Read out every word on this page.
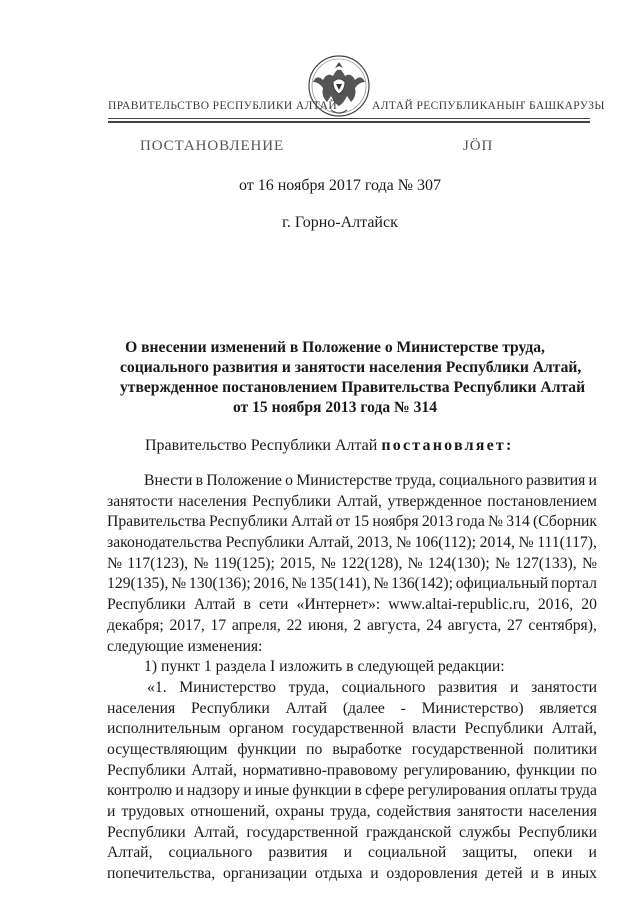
ПРАВИТЕЛЬСТВО РЕСПУБЛИКИ АЛТАЙ	АЛТАЙ РЕСПУБЛИКАНЫҤ БАШКАРУЗЫ
ПОСТАНОВЛЕНИЕ	ЈӦП
от 16 ноября 2017 года № 307
г. Горно-Алтайск
О внесении изменений в Положение о Министерстве труда,
социального развития и занятости населения Республики Алтай,
утвержденное постановлением Правительства Республики Алтай
от 15 ноября 2013 года № 314
Правительство Республики Алтай постановляет:
Внести в Положение о Министерстве труда, социального развития и
занятости населения Республики Алтай, утвержденное постановлением
Правительства Республики Алтай от 15 ноября 2013 года № 314 (Сборник
законодательства Республики Алтай, 2013, № 106(112); 2014, № 111(117),
№ 117(123), № 119(125); 2015, № 122(128), № 124(130); № 127(133), №
129(135), № 130(136); 2016, № 135(141), № 136(142); официальный портал
Республики Алтай в сети «Интернет»: www.altai-republic.ru, 2016, 20
декабря; 2017, 17 апреля, 22 июня, 2 августа, 24 августа, 27 сентября),
следующие изменения:
1) пункт 1 раздела I изложить в следующей редакции:
«1. Министерство труда, социального развития и занятости
населения Республики Алтай (далее - Министерство) является
исполнительным органом государственной власти Республики Алтай,
осуществляющим функции по выработке государственной политики
Республики Алтай, нормативно-правовому регулированию, функции по
контролю и надзору и иные функции в сфере регулирования оплаты труда
и трудовых отношений, охраны труда, содействия занятости населения
Республики Алтай, государственной гражданской службы Республики
Алтай, социального развития и социальной защиты, опеки и
попечительства, организации отдыха и оздоровления детей и в иных
